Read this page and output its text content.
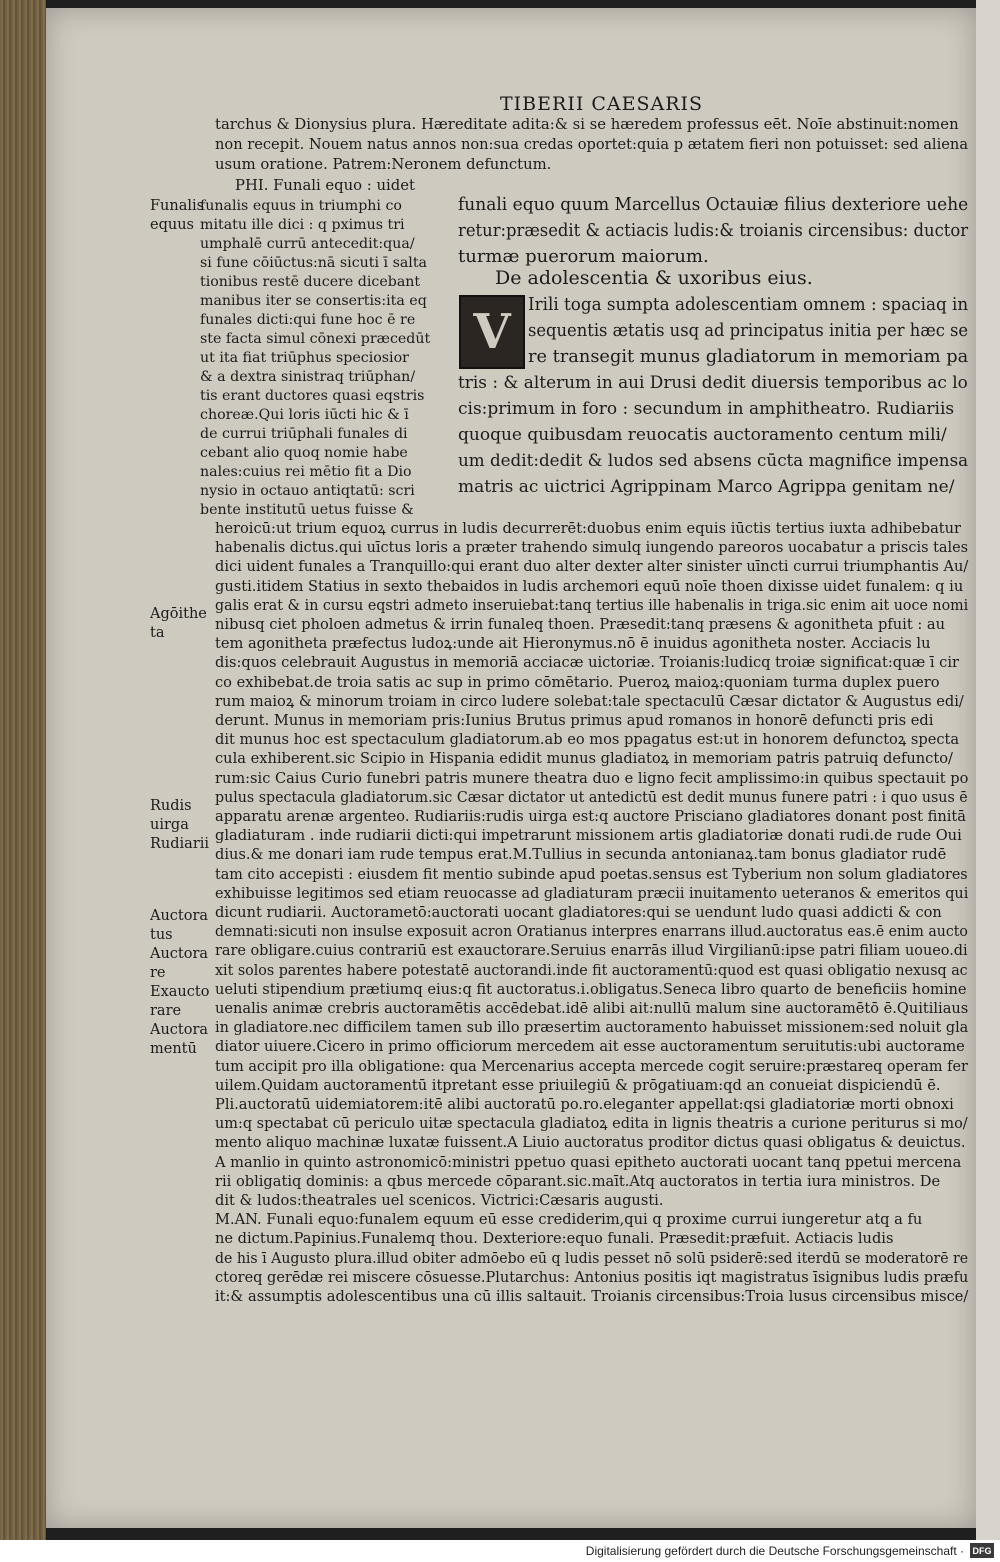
TIBERII CAESARIS
tarchus & Dionysius plura. Hæreditate adita:& si se hæredem professus eēt. Noīe abstinuit:nomen
non recepit. Nouem natus annos non:sua credas oportet:quia p ætatem fieri non potuisset: sed aliena
usum oratione. Patrem:Neronem defunctum.
PHI. Funali equo : uidet
funalis equus in triumphi co
mitatu ille dici : q pximus tri
umphalē currū antecedit:qua/
si fune cōiūctus:nā sicuti ī salta
tionibus restē ducere dicebant
manibus iter se consertis:ita eq
funales dicti:qui fune hoc ē re
ste facta simul cōnexi præcedūt
ut ita fiat triūphus speciosior
& a dextra sinistraq triūphan/
tis erant ductores quasi eqstris
choreæ.Qui loris iūcti hic & ī
de currui triūphali funales di
cebant alio quoq nomie habe
nales:cuius rei mētio fit a Dio
nysio in octauo antiqtatū: scri
bente institutū uetus fuisse &
funali equo quum Marcellus Octauiæ filius dexteriore uehe
retur:præsedit & actiacis ludis:& troianis circensibus: ductor
turmæ puerorum maiorum.
De adolescentia & uxoribus eius.
V Irili toga sumpta adolescentiam omnem : spaciaq in
sequentis ætatis usq ad principatus initia per hæc se
re transegit munus gladiatorum in memoriam pa
tris : & alterum in aui Drusi dedit diuersis temporibus ac lo
cis:primum in foro : secundum in amphitheatro. Rudiariis
quoque quibusdam reuocatis auctoramento centum mili/
um dedit:dedit & ludos sed absens cūcta magnifice impensa
matris ac uictrici Agrippinam Marco Agrippa genitam ne/
heroicū:ut trium equoꝝ currus in ludis decurrerēt:duobus enim equis iūctis tertius iuxta adhibebatur
habenalis dictus.qui uīctus loris a præter trahendo simulq iungendo pareoros uocabatur a priscis tales
dici uident funales a Tranquillo:qui erant duo alter dexter alter sinister uīncti currui triumphantis Au/
gusti.itidem Statius in sexto thebaidos in ludis archemori equū noīe thoen dixisse uidet funalem: q iu
galis erat & in cursu eqstri admeto inseruiebat:tanq tertius ille habenalis in triga.sic enim ait uoce nomi
nibusq ciet pholoen admetus & irrin funaleq thoen. Præsedit:tanq præsens & agonitheta pfuit : au
tem agonitheta præfectus ludoꝝ:unde ait Hieronymus.nō ē inuidus agonitheta noster. Acciacis lu
dis:quos celebrauit Augustus in memoriā acciacæ uictoriæ. Troianis:ludicq troiæ significat:quæ ī cir
co exhibebat.de troia satis ac sup in primo cōmētario. Pueroꝝ maioꝝ:quoniam turma duplex puero
rum maioꝝ & minorum troiam in circo ludere solebat:tale spectaculū Cæsar dictator & Augustus edi/
derunt. Munus in memoriam pris:Iunius Brutus primus apud romanos in honorē defuncti pris edi
dit munus hoc est spectaculum gladiatorum.ab eo mos ppagatus est:ut in honorem defunctoꝝ specta
cula exhiberent.sic Scipio in Hispania edidit munus gladiatoꝝ in memoriam patris patruiq defuncto/
rum:sic Caius Curio funebri patris munere theatra duo e ligno fecit amplissimo:in quibus spectauit po
pulus spectacula gladiatorum.sic Cæsar dictator ut antedictū est dedit munus funere patri : i quo usus ē
apparatu arenæ argenteo. Rudiariis:rudis uirga est:q auctore Prisciano gladiatores donant post finitā
gladiaturam . inde rudiarii dicti:qui impetrarunt missionem artis gladiatoriæ donati rudi.de rude Oui
dius.& me donari iam rude tempus erat.M.Tullius in secunda antonianaꝝ.tam bonus gladiator rudē
tam cito accepisti : eiusdem fit mentio subinde apud poetas.sensus est Tyberium non solum gladiatores
exhibuisse legitimos sed etiam reuocasse ad gladiaturam præcii inuitamento ueteranos & emeritos qui
dicunt rudiarii. Auctorametō:auctorati uocant gladiatores:qui se uendunt ludo quasi addicti & con
demnati:sicuti non insulse exposuit acron Oratianus interpres enarrans illud.auctoratus eas.ē enim aucto
rare obligare.cuius contrariū est exauctorare.Seruius enarrās illud Virgilianū:ipse patri filiam uoueo.di
xit solos parentes habere potestatē auctorandi.inde fit auctoramentū:quod est quasi obligatio nexusq ac
ueluti stipendium prætiumq eius:q fit auctoratus.i.obligatus.Seneca libro quarto de beneficiis homine
uenalis animæ crebris auctoramētis accēdebat.idē alibi ait:nullū malum sine auctoramētō ē.Quitiliaus
in gladiatore.nec difficilem tamen sub illo præsertim auctoramento habuisset missionem:sed noluit gla
diator uiuere.Cicero in primo officiorum mercedem ait esse auctoramentum seruitutis:ubi auctorame
tum accipit pro illa obligatione: qua Mercenarius accepta mercede cogit seruire:præstareq operam fer
uilem.Quidam auctoramentū itpretant esse priuilegiū & prōgatiuam:qd an conueiat dispiciendū ē.
Pli.auctoratū uidemiatorem:itē alibi auctoratū po.ro.eleganter appellat:qsi gladiatoriæ morti obnoxi
um:q spectabat cū periculo uitæ spectacula gladiatoꝝ edita in lignis theatris a curione periturus si mo/
mento aliquo machinæ luxatæ fuissent.A Liuio auctoratus proditor dictus quasi obligatus & deuictus.
A manlio in quinto astronomicō:ministri ppetuo quasi epitheto auctorati uocant tanq ppetui mercena
rii obligatiq dominis: a qbus mercede cōparant.sic.maīt.Atq auctoratos in tertia iura ministros. De
dit & ludos:theatrales uel scenicos. Victrici:Cæsaris augusti.
M.AN. Funali equo:funalem equum eū esse crediderim,qui q proxime currui iungeretur atq a fu
ne dictum.Papinius.Funalemq thou. Dexteriore:equo funali. Præsedit:præfuit. Actiacis ludis
de his ī Augusto plura.illud obiter admōebo eū q ludis pesset nō solū psiderē:sed iterdū se moderatorē re
ctoreq gerēdæ rei miscere cōsuesse.Plutarchus: Antonius positis iqt magistratus īsignibus ludis præfu
it:& assumptis adolescentibus una cū illis saltauit. Troianis circensibus:Troia lusus circensibus misce/
Funalis
equus
Agōithe
ta
Rudis
uirga
Rudiarii
Auctora
tus
Auctora
re
Exaucto
rare
Auctora
mentū
Digitalisierung gefördert durch die Deutsche Forschungsgemeinschaft · DFG
